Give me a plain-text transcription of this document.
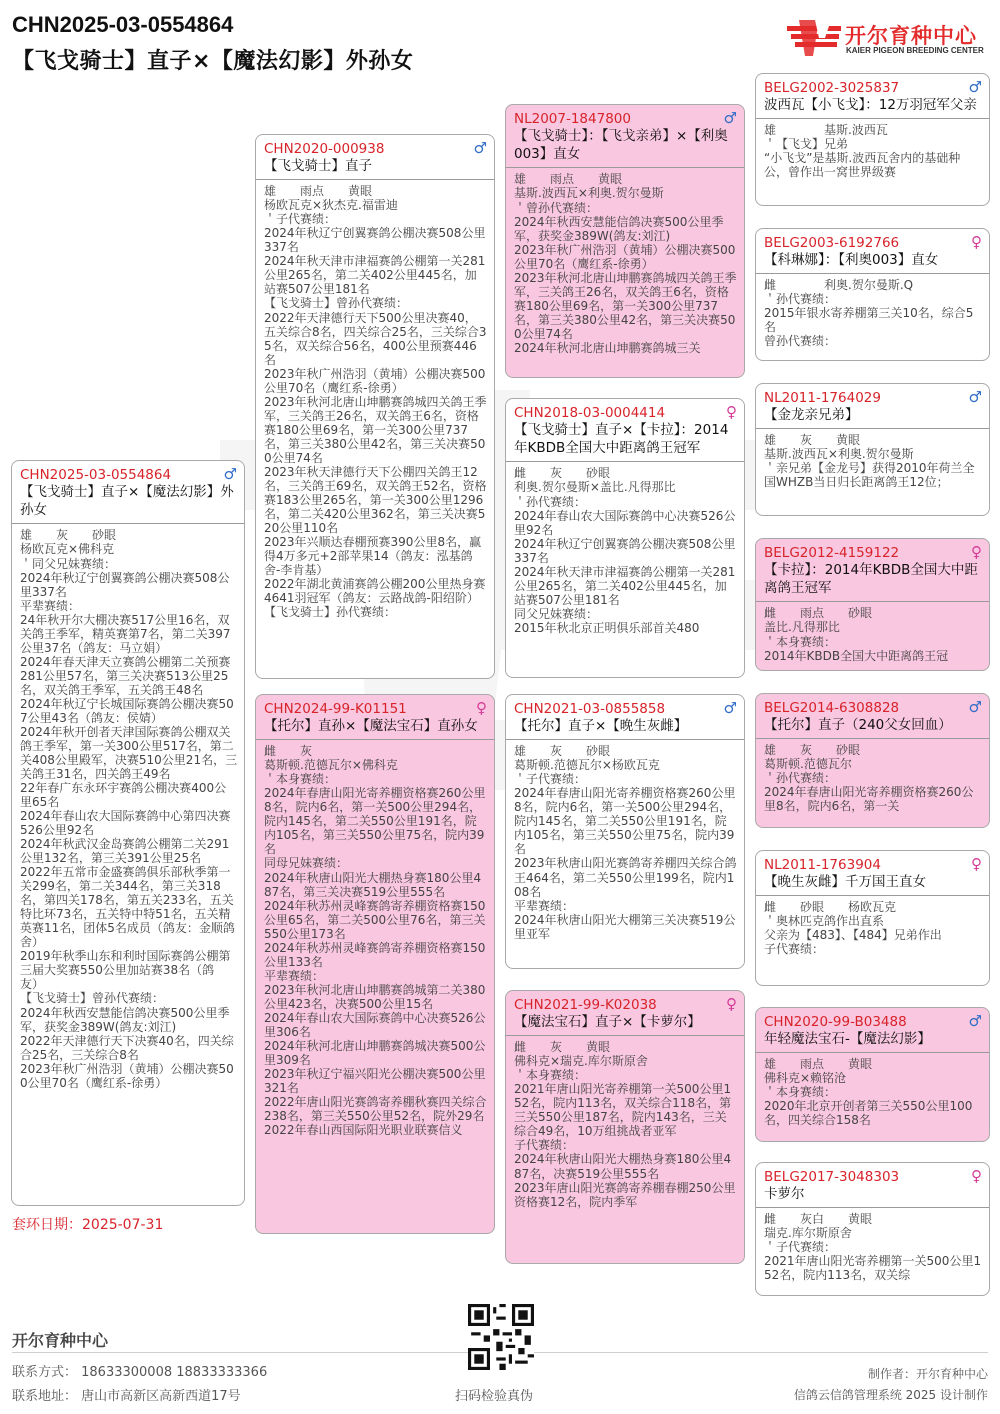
CHN2025-03-0554864
【飞戈骑士】直子×【魔法幻影】外孙女
开尔育种中心
KAIER PIGEON BREEDING CENTER
CHN2025-03-0554864	♂
【飞戈骑士】直子×【魔法幻影】外孙女
雄　　灰　　砂眼
杨欧瓦克×佛科克
＇同父兄妹赛绩：
2024年秋辽宁创翼赛鸽公棚决赛508公里337名
平辈赛绩：
24年秋开尔大棚决赛517公里16名，双关鸽王季军，精英赛第7名，第二关397公里37名（鸽友：马立娟）
2024年春天津天立赛鸽公棚第二关预赛281公里57名，第三关决赛513公里25名，双关鸽王季军，五关鸽王48名
2024年秋辽宁长城国际赛鸽公棚决赛507公里43名（鸽友：侯婧）
2024年秋开创者天津国际赛鸽公棚双关鸽王季军，第一关300公里517名，第二关408公里殿军，决赛510公里21名，三关鸽王31名，四关鸽王49名
22年春广东永环宇赛鸽公棚决赛400公里65名
2024年春山农大国际赛鸽中心第四决赛526公里92名
2024年秋武汉金岛赛鸽公棚第二关291公里132名，第三关391公里25名
2022年五常市金盛赛鸽俱乐部秋季第一关299名，第二关344名，第三关318名，第四关178名，第五关233名，五关特比环73名，五关特中特51名，五关精英赛11名，团体5名成员（鸽友：金顺鸽舍）
2019年秋季山东和利时国际赛鸽公棚第三届大奖赛550公里加站赛38名（鸽友）
【飞戈骑士】曾孙代赛绩：
2024年秋西安慧能信鸽决赛500公里季军，获奖金389W(鸽友:刘江)
2022年天津德行天下决赛40名，四关综合25名，三关综合8名
2023年秋广州浩羽（黄埔）公棚决赛500公里70名（鹰红系-徐勇）
套环日期：2025-07-31
CHN2020-000938	♂
【飞戈骑士】直子
雄　　雨点　　黄眼
杨欧瓦克×狄杰克.福雷迪
＇子代赛绩：
2024年秋辽宁创翼赛鸽公棚决赛508公里337名
2024年秋天津市津福赛鸽公棚第一关281公里265名，第二关402公里445名，加站赛507公里181名
【飞戈骑士】曾孙代赛绩：
2022年天津德行天下500公里决赛40，五关综合8名，四关综合25名，三关综合35名，双关综合56名，400公里预赛446名
2023年秋广州浩羽（黄埔）公棚决赛500公里70名（鹰红系-徐勇）
2023年秋河北唐山坤鹏赛鸽城四关鸽王季军，三关鸽王26名，双关鸽王6名，资格赛180公里69名，第一关300公里737名，第三关380公里42名，第三关决赛500公里74名
2023年秋天津德行天下公棚四关鸽王12名，三关鸽王69名，双关鸽王52名，资格赛183公里265名，第一关300公里1296名，第二关420公里362名，第三关决赛520公里110名
2023年兴顺达春棚预赛390公里8名，赢得4万多元+2部苹果14（鸽友：泓基鸽舍-李肯基）
2022年湖北黄浦赛鸽公棚200公里热身赛4641羽冠军（鸽友：云路战鸽-阳绍阶）
【飞戈骑士】孙代赛绩：
CHN2024-99-K01151	♀
【托尔】直孙×【魔法宝石】直孙女
雌　　灰
葛斯顿.范德瓦尔×佛科克
＇本身赛绩：
2024年春唐山阳光寄养棚资格赛260公里8名，院内6名，第一关500公里294名，院内145名，第二关550公里191名，院内105名，第三关550公里75名，院内39名
同母兄妹赛绩：
2024年秋唐山阳光大棚热身赛180公里487名，第三关决赛519公里555名
2024年秋苏州灵峰赛鸽寄养棚资格赛150公里65名，第二关500公里76名，第三关550公里173名
2024年秋苏州灵峰赛鸽寄养棚资格赛150公里133名
平辈赛绩：
2023年秋河北唐山坤鹏赛鸽城第二关380公里423名，决赛500公里15名
2024年春山农大国际赛鸽中心决赛526公里306名
2024年秋河北唐山坤鹏赛鸽城决赛500公里309名
2023年秋辽宁福兴阳光公棚决赛500公里321名
2022年唐山阳光赛鸽寄养棚秋赛四关综合238名，第三关550公里52名，院外29名
2022年春山西国际阳光职业联赛信义
NL2007-1847800	♂
【飞戈骑士】：【飞戈亲弟】×【利奥003】直女
雄　　雨点　　黄眼
基斯.波西瓦×利奥.贺尔曼斯
＇曾孙代赛绩：
2024年秋西安慧能信鸽决赛500公里季军，获奖金389W(鸽友:刘江)
2023年秋广州浩羽（黄埔）公棚决赛500公里70名（鹰红系-徐勇）
2023年秋河北唐山坤鹏赛鸽城四关鸽王季军，三关鸽王26名，双关鸽王6名，资格赛180公里69名，第一关300公里737名，第三关380公里42名，第三关决赛500公里74名
2024年秋河北唐山坤鹏赛鸽城三关
CHN2018-03-0004414	♀
【飞戈骑士】直子×【卡拉】：2014年KBDB全国大中距离鸽王冠军
雌　　灰　　砂眼
利奥.贺尔曼斯×盖比.凡得那比
＇孙代赛绩：
2024年春山农大国际赛鸽中心决赛526公里92名
2024年秋辽宁创翼赛鸽公棚决赛508公里337名
2024年秋天津市津福赛鸽公棚第一关281公里265名，第二关402公里445名，加站赛507公里181名
同父兄妹赛绩：
2015年秋北京正明俱乐部首关480
CHN2021-03-0855858	♂
【托尔】直子×【晚生灰雌】
雄　　灰　　砂眼
葛斯顿.范德瓦尔×杨欧瓦克
＇子代赛绩：
2024年春唐山阳光寄养棚资格赛260公里8名，院内6名，第一关500公里294名，院内145名，第二关550公里191名，院内105名，第三关550公里75名，院内39名
2023年秋唐山阳光赛鸽寄养棚四关综合鸽王464名，第二关550公里199名，院内108名
平辈赛绩：
2024年秋唐山阳光大棚第三关决赛519公里亚军
CHN2021-99-K02038	♀
【魔法宝石】直子×【卡萝尔】
雌　　灰　　黄眼
佛科克×瑞克.库尔斯原舍
＇本身赛绩：
2021年唐山阳光寄养棚第一关500公里152名，院内113名，双关综合118名，第三关550公里187名，院内143名，三关综合49名，10万组挑战者亚军
子代赛绩：
2024年秋唐山阳光大棚热身赛180公里487名，决赛519公里555名
2023年唐山阳光赛鸽寄养棚春棚250公里资格赛12名，院内季军
BELG2002-3025837	♂
波西瓦【小飞戈】：12万羽冠军父亲
雄　　　　基斯.波西瓦
＇【飞戈】兄弟
“小飞戈”是基斯.波西瓦舍内的基础种公，曾作出一窝世界级赛
BELG2003-6192766	♀
【科琳娜】：【利奥003】直女
雌　　　　利奥.贺尔曼斯.Q
＇孙代赛绩：
2015年银水寄养棚第三关10名，综合5名
曾孙代赛绩：
NL2011-1764029	♂
【金龙亲兄弟】
雄　　灰　　黄眼
基斯.波西瓦×利奥.贺尔曼斯
＇亲兄弟【金龙号】获得2010年荷兰全国WHZB当日归长距离鸽王12位；
BELG2012-4159122	♀
【卡拉】：2014年KBDB全国大中距离鸽王冠军
雌　　雨点　　砂眼
盖比.凡得那比
＇本身赛绩：
2014年KBDB全国大中距离鸽王冠
BELG2014-6308828	♂
【托尔】直子（240父女回血）
雄　　灰　　砂眼
葛斯顿.范德瓦尔
＇孙代赛绩：
2024年春唐山阳光寄养棚资格赛260公里8名，院内6名，第一关
NL2011-1763904	♀
【晚生灰雌】千万国王直女
雌　　砂眼　　杨欧瓦克
＇奥林匹克鸽作出直系
父亲为【483】、【484】兄弟作出
子代赛绩：
CHN2020-99-B03488	♂
年轻魔法宝石-【魔法幻影】
雄　　雨点　　黄眼
佛科克×赖铭沧
＇本身赛绩：
2020年北京开创者第三关550公里100名，四关综合158名
BELG2017-3048303	♀
卡萝尔
雌　　灰白　　黄眼
瑞克.库尔斯原舍
＇子代赛绩：
2021年唐山阳光寄养棚第一关500公里152名，院内113名，双关综
开尔育种中心
联系方式： 18633300008 18833333366
联系地址： 唐山市高新区高新西道17号	扫码检验真伪
制作者：开尔育种中心
信鸽云信鸽管理系统 2025 设计制作
